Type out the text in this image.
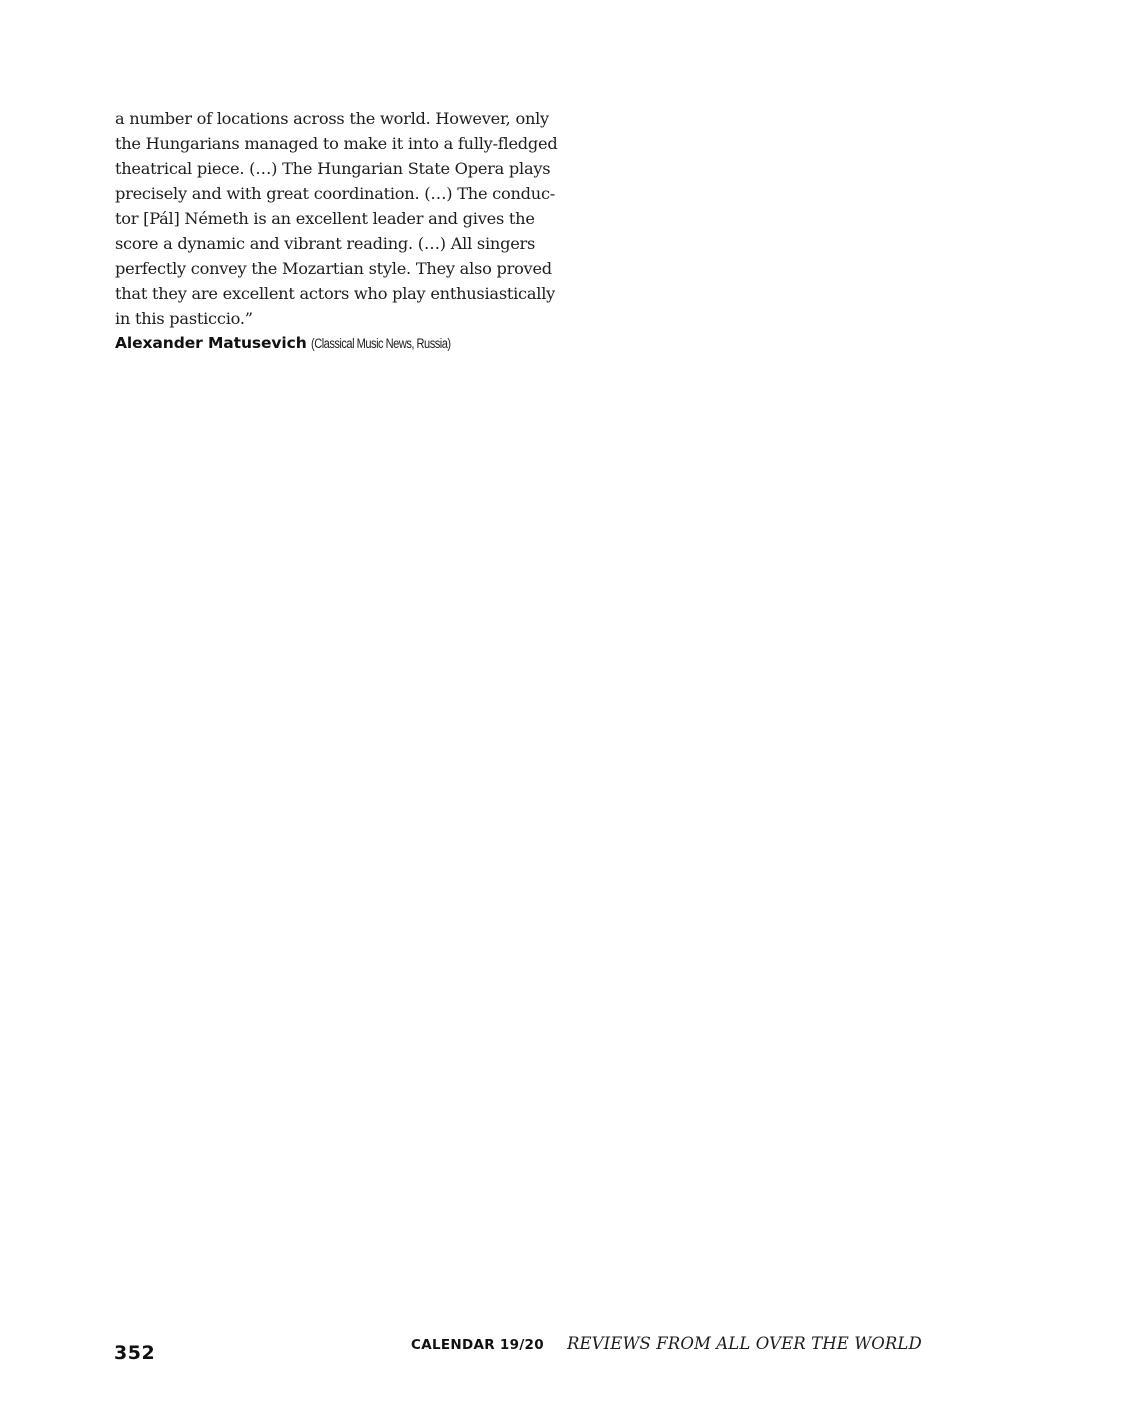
a number of locations across the world. However, only
the Hungarians managed to make it into a fully-fledged
theatrical piece. (…) The Hungarian State Opera plays
precisely and with great coordination. (…) The conduc-
tor [Pál] Németh is an excellent leader and gives the
score a dynamic and vibrant reading. (…) All singers
perfectly convey the Mozartian style. They also proved
that they are excellent actors who play enthusiastically
in this pasticcio.”
Alexander Matusevich (Classical Music News, Russia)
352	CALENDAR 19/20 REVIEWS FROM ALL OVER THE WORLD
